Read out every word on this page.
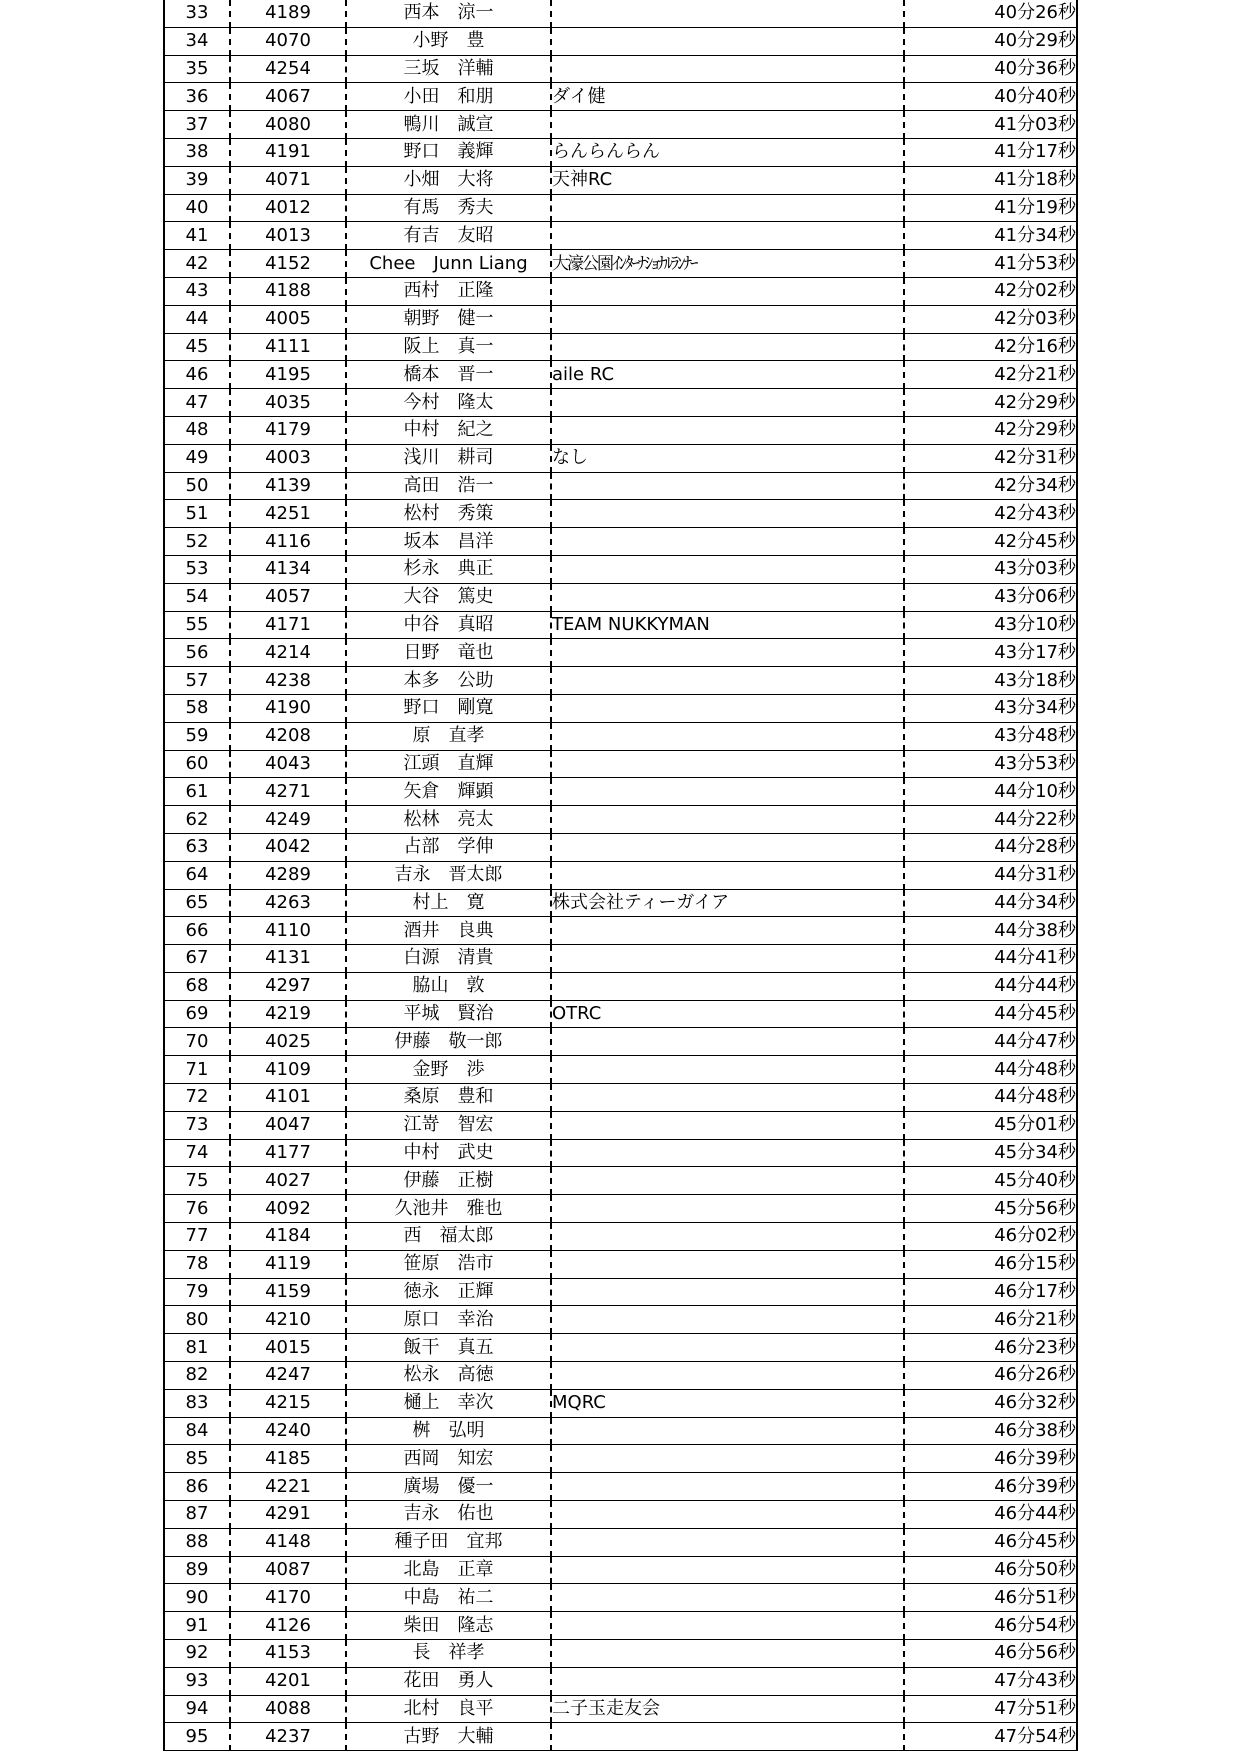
33	4189	西本　涼一		40分26秒
34	4070	小野　豊		40分29秒
35	4254	三坂　洋輔		40分36秒
36	4067	小田　和朋	ダイ健	40分40秒
37	4080	鴨川　誠宣		41分03秒
38	4191	野口　義輝	らんらんらん	41分17秒
39	4071	小畑　大将	天神RC	41分18秒
40	4012	有馬　秀夫		41分19秒
41	4013	有吉　友昭		41分34秒
42	4152	Chee　Junn Liang	大濠公園ｲﾝﾀｰﾅｼｮﾅﾙﾗﾝﾅｰ	41分53秒
43	4188	西村　正隆		42分02秒
44	4005	朝野　健一		42分03秒
45	4111	阪上　真一		42分16秒
46	4195	橋本　晋一	aile RC	42分21秒
47	4035	今村　隆太		42分29秒
48	4179	中村　紀之		42分29秒
49	4003	浅川　耕司	なし	42分31秒
50	4139	高田　浩一		42分34秒
51	4251	松村　秀策		42分43秒
52	4116	坂本　昌洋		42分45秒
53	4134	杉永　典正		43分03秒
54	4057	大谷　篤史		43分06秒
55	4171	中谷　真昭	TEAM NUKKYMAN	43分10秒
56	4214	日野　竜也		43分17秒
57	4238	本多　公助		43分18秒
58	4190	野口　剛寛		43分34秒
59	4208	原　直孝		43分48秒
60	4043	江頭　直輝		43分53秒
61	4271	矢倉　輝顕		44分10秒
62	4249	松林　亮太		44分22秒
63	4042	占部　学伸		44分28秒
64	4289	吉永　晋太郎		44分31秒
65	4263	村上　寛	株式会社ティーガイア	44分34秒
66	4110	酒井　良典		44分38秒
67	4131	白源　清貴		44分41秒
68	4297	脇山　敦		44分44秒
69	4219	平城　賢治	OTRC	44分45秒
70	4025	伊藤　敬一郎		44分47秒
71	4109	金野　渉		44分48秒
72	4101	桑原　豊和		44分48秒
73	4047	江嵜　智宏		45分01秒
74	4177	中村　武史		45分34秒
75	4027	伊藤　正樹		45分40秒
76	4092	久池井　雅也		45分56秒
77	4184	西　福太郎		46分02秒
78	4119	笹原　浩市		46分15秒
79	4159	徳永　正輝		46分17秒
80	4210	原口　幸治		46分21秒
81	4015	飯干　真五		46分23秒
82	4247	松永　高徳		46分26秒
83	4215	樋上　幸次	MQRC	46分32秒
84	4240	桝　弘明		46分38秒
85	4185	西岡　知宏		46分39秒
86	4221	廣場　優一		46分39秒
87	4291	吉永　佑也		46分44秒
88	4148	種子田　宜邦		46分45秒
89	4087	北島　正章		46分50秒
90	4170	中島　祐二		46分51秒
91	4126	柴田　隆志		46分54秒
92	4153	長　祥孝		46分56秒
93	4201	花田　勇人		47分43秒
94	4088	北村　良平	二子玉走友会	47分51秒
95	4237	古野　大輔		47分54秒
